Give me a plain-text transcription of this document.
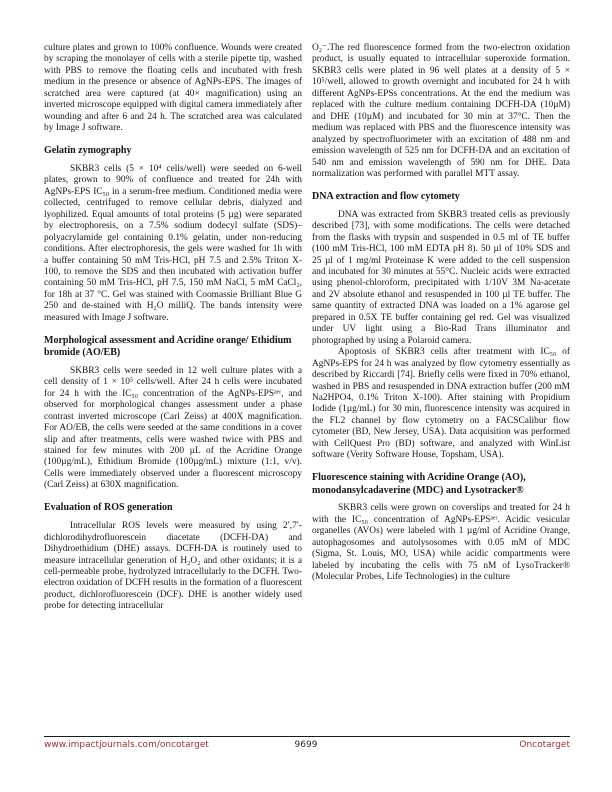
culture plates and grown to 100% confluence. Wounds were created by scraping the monolayer of cells with a sterile pipette tip, washed with PBS to remove the floating cells and incubated with fresh medium in the presence or absence of AgNPs-EPS. The images of scratched area were captured (at 40× magnification) using an inverted microscope equipped with digital camera immediately after wounding and after 6 and 24 h. The scratched area was calculated by Image J software.

Gelatin zymography

SKBR3 cells (5 × 10⁴ cells/well) were seeded on 6-well plates, grown to 90% of confluence and treated for 24h with AgNPs-EPS IC₅₀ in a serum-free medium. Conditioned media were collected, centrifuged to remove cellular debris, dialyzed and lyophilized. Equal amounts of total proteins (5 µg) were separated by electrophoresis, on a 7.5% sodium dodecyl sulfate (SDS)–polyacrylamide gel containing 0.1% gelatin, under non-reducing conditions. After electrophoresis, the gels were washed for 1h with a buffer containing 50 mM Tris-HCl, pH 7.5 and 2.5% Triton X-100, to remove the SDS and then incubated with activation buffer containing 50 mM Tris-HCl, pH 7.5, 150 mM NaCl, 5 mM CaCl₂, for 18h at 37 °C. Gel was stained with Coomassie Brilliant Blue G 250 and de-stained with H₂O milliQ. The bands intensity were measured with Image J software.

Morphological assessment and Acridine orange/ Ethidium bromide (AO/EB)

SKBR3 cells were seeded in 12 well culture plates with a cell density of 1 × 10⁵ cells/well. After 24 h cells were incubated for 24 h with the IC₅₀ concentration of the AgNPs-EPSᵃᵉʳ, and observed for morphological changes assessment under a phase contrast inverted microscope (Carl Zeiss) at 400X magnification. For AO/EB, the cells were seeded at the same conditions in a cover slip and after treatments, cells were washed twice with PBS and stained for few minutes with 200 µL of the Acridine Orange (100µg/mL), Ethidium Bromide (100µg/mL) mixture (1:1, v/v). Cells were immediately observed under a fluorescent microscopy (Carl Zeiss) at 630X magnification.

Evaluation of ROS generation

Intracellular ROS levels were measured by using 2′,7′-dichlorodihydrofluorescein diacetate (DCFH-DA) and Dihydroethidium (DHE) assays. DCFH-DA is routinely used to measure intracellular generation of H₂O₂ and other oxidants; it is a cell-permeable probe, hydrolyzed intracellularly to the DCFH. Two-electron oxidation of DCFH results in the formation of a fluorescent product, dichlorofluorescein (DCF). DHE is another widely used probe for detecting intracellular

O₂⁻.The red fluorescence formed from the two-electron oxidation product, is usually equated to intracellular superoxide formation. SKBR3 cells were plated in 96 well plates at a density of 5 × 10⁵/well, allowed to growth overnight and incubated for 24 h with different AgNPs-EPSs concentrations. At the end the medium was replaced with the culture medium containing DCFH-DA (10µM) and DHE (10µM) and incubated for 30 min at 37°C. Then the medium was replaced with PBS and the fluorescence intensity was analyzed by spectrofluorimeter with an excitation of 488 nm and emission wavelength of 525 nm for DCFH-DA and an excitation of 540 nm and emission wavelength of 590 nm for DHE. Data normalization was performed with parallel MTT assay.

DNA extraction and flow cytomety

DNA was extracted from SKBR3 treated cells as previously described [73], with some modifications. The cells were detached from the flasks with trypsin and suspended in 0.5 ml of TE buffer (100 mM Tris-HCl, 100 mM EDTA pH 8). 50 µl of 10% SDS and 25 µl of 1 mg/ml Proteinase K were added to the cell suspension and incubated for 30 minutes at 55°C. Nucleic acids were extracted using phenol-chloroform, precipitated with 1/10V 3M Na-acetate and 2V absolute ethanol and resuspended in 100 µl TE buffer. The same quantity of extracted DNA was loaded on a 1% agarose gel prepared in 0.5X TE buffer containing gel red. Gel was visualized under UV light using a Bio-Rad Trans illuminator and photographed by using a Polaroid camera.

Apoptosis of SKBR3 cells after treatment with IC₅₀ of AgNPs-EPS for 24 h was analyzed by flow cytometry essentially as described by Riccardi [74]. Briefly cells were fixed in 70% ethanol, washed in PBS and resuspended in DNA extraction buffer (200 mM Na2HPO4, 0.1% Triton X-100). After staining with Propidium Iodide (1µg/mL) for 30 min, fluorescence intensity was acquired in the FL2 channel by flow cytometry on a FACSCalibur flow cytometer (BD, New Jersey, USA). Data acquisition was performed with CellQuest Pro (BD) software, and analyzed with WinList software (Verity Software House, Topsham, USA).

Fluorescence staining with Acridine Orange (AO), monodansylcadaverine (MDC) and Lysotracker®

SKBR3 cells were grown on coverslips and treated for 24 h with the IC₅₀ concentration of AgNPs-EPSᵃᵉʳ. Acidic vesicular organelles (AVOs) were labeled with 1 µg/ml of Acridine Orange, autophagosomes and autolysosomes with 0.05 mM of MDC (Sigma, St. Louis, MO, USA) while acidic compartments were labeled by incubating the cells with 75 nM of LysoTracker® (Molecular Probes, Life Technologies) in the culture

www.impactjournals.com/oncotarget	9699	Oncotarget
